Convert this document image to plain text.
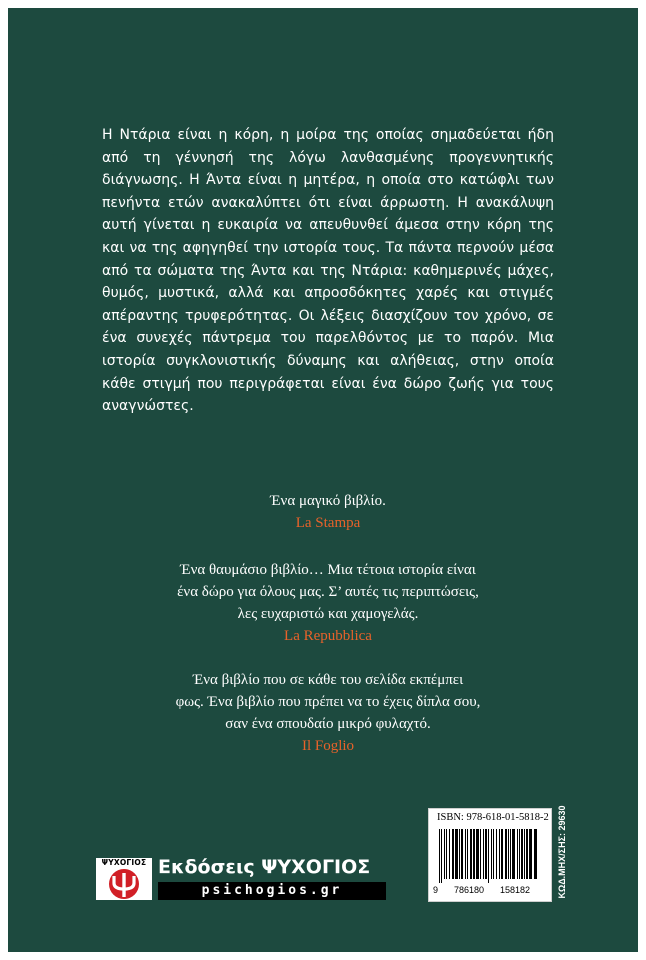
Η Ντάρια είναι η κόρη, η μοίρα της οποίας σημαδεύεται ήδη από τη γέννησή της λόγω λανθασμένης προγεννητικής διάγνωσης. Η Άντα είναι η μητέρα, η οποία στο κατώφλι των πενήντα ετών ανακαλύπτει ότι είναι άρρωστη. Η ανακάλυψη αυτή γίνεται η ευκαιρία να απευθυνθεί άμεσα στην κόρη της και να της αφηγηθεί την ιστορία τους. Τα πάντα περνούν μέσα από τα σώματα της Άντα και της Ντάρια: καθημερινές μάχες, θυμός, μυστικά, αλλά και απροσδόκητες χαρές και στιγμές απέραντης τρυφερότητας. Οι λέξεις διασχίζουν τον χρόνο, σε ένα συνεχές πάντρεμα του παρελθόντος με το παρόν. Μια ιστορία συγκλονιστικής δύναμης και αλήθειας, στην οποία κάθε στιγμή που περιγράφεται είναι ένα δώρο ζωής για τους αναγνώστες.

Ένα μαγικό βιβλίο.
La Stampa
Ένα θαυμάσιο βιβλίο… Μια τέτοια ιστορία είναι
ένα δώρο για όλους μας. Σ’ αυτές τις περιπτώσεις,
λες ευχαριστώ και χαμογελάς.
La Repubblica
Ένα βιβλίο που σε κάθε του σελίδα εκπέμπει
φως. Ένα βιβλίο που πρέπει να το έχεις δίπλα σου,
σαν ένα σπουδαίο μικρό φυλαχτό.
Il Foglio
ΨΥΧΟΓΙΟΣ Εκδόσεις ΨΥΧΟΓΙΟΣ
psichogios.gr
ISBN: 978-618-01-5818-2
9	786180	158182	ΚΩΔ.ΜΗΧ/ΣΗΣ: 29630
